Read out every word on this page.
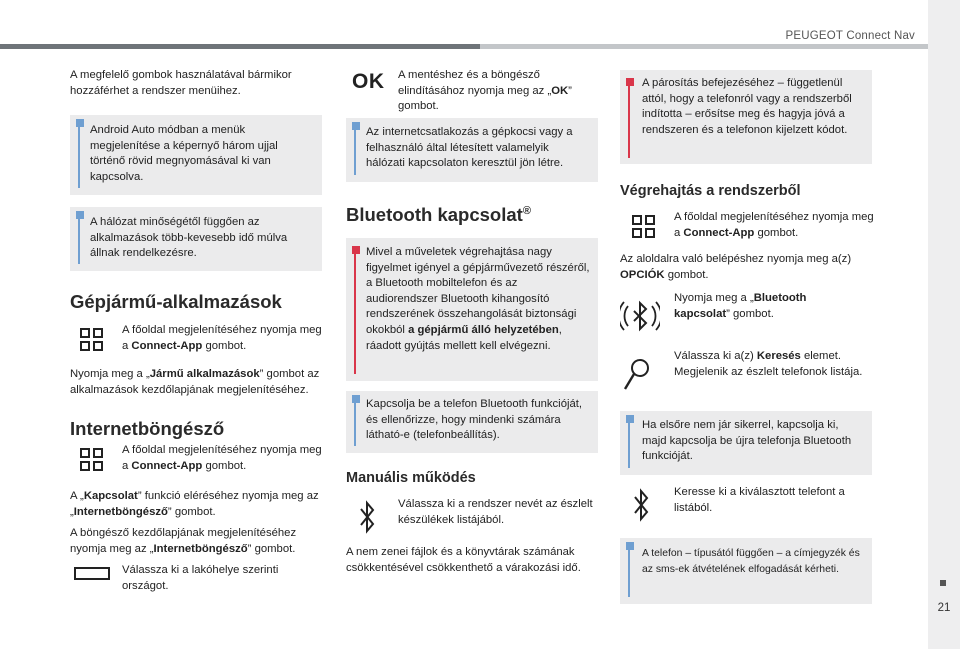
PEUGEOT Connect Nav
21

A megfelelő gombok használatával bármikor hozzáférhet a rendszer menüihez.

Android Auto módban a menük megjelenítése a képernyő három ujjal történő rövid megnyomásával ki van kapcsolva.

A hálózat minőségétől függően az alkalmazások több-kevesebb idő múlva állnak rendelkezésre.

Gépjármű-alkalmazások

A főoldal megjelenítéséhez nyomja meg a Connect-App gombot.

Nyomja meg a „Jármű alkalmazások” gombot az alkalmazások kezdőlapjának megjelenítéséhez.

Internetböngésző

A főoldal megjelenítéséhez nyomja meg a Connect-App gombot.

A „Kapcsolat” funkció eléréséhez nyomja meg az „Internetböngésző” gombot.

A böngésző kezdőlapjának megjelenítéséhez nyomja meg az „Internetböngésző” gombot.

Válassza ki a lakóhelye szerinti országot.

OK A mentéshez és a böngésző elindításához nyomja meg az „OK” gombot.

Az internetcsatlakozás a gépkocsi vagy a felhasználó által létesített valamelyik hálózati kapcsolaton keresztül jön létre.

Bluetooth kapcsolat®

Mivel a műveletek végrehajtása nagy figyelmet igényel a gépjárművezető részéről, a Bluetooth mobiltelefon és az audiorendszer Bluetooth kihangosító rendszerének összehangolását biztonsági okokból a gépjármű álló helyzetében, ráadott gyújtás mellett kell elvégezni.

Kapcsolja be a telefon Bluetooth funkcióját, és ellenőrizze, hogy mindenki számára látható-e (telefonbeállítás).

Manuális működés

Válassza ki a rendszer nevét az észlelt készülékek listájából.

A nem zenei fájlok és a könyvtárak számának csökkentésével csökkenthető a várakozási idő.

A párosítás befejezéséhez – függetlenül attól, hogy a telefonról vagy a rendszerből indította – erősítse meg és hagyja jóvá a rendszeren és a telefonon kijelzett kódot.

Végrehajtás a rendszerből

A főoldal megjelenítéséhez nyomja meg a Connect-App gombot.

Az aloldalra való belépéshez nyomja meg a(z) OPCIÓK gombot.

Nyomja meg a „Bluetooth kapcsolat” gombot.

Válassza ki a(z) Keresés elemet. Megjelenik az észlelt telefonok listája.

Ha elsőre nem jár sikerrel, kapcsolja ki, majd kapcsolja be újra telefonja Bluetooth funkcióját.

Keresse ki a kiválasztott telefont a listából.

A telefon – típusától függően – a címjegyzék és az sms-ek átvételének elfogadását kérheti.
